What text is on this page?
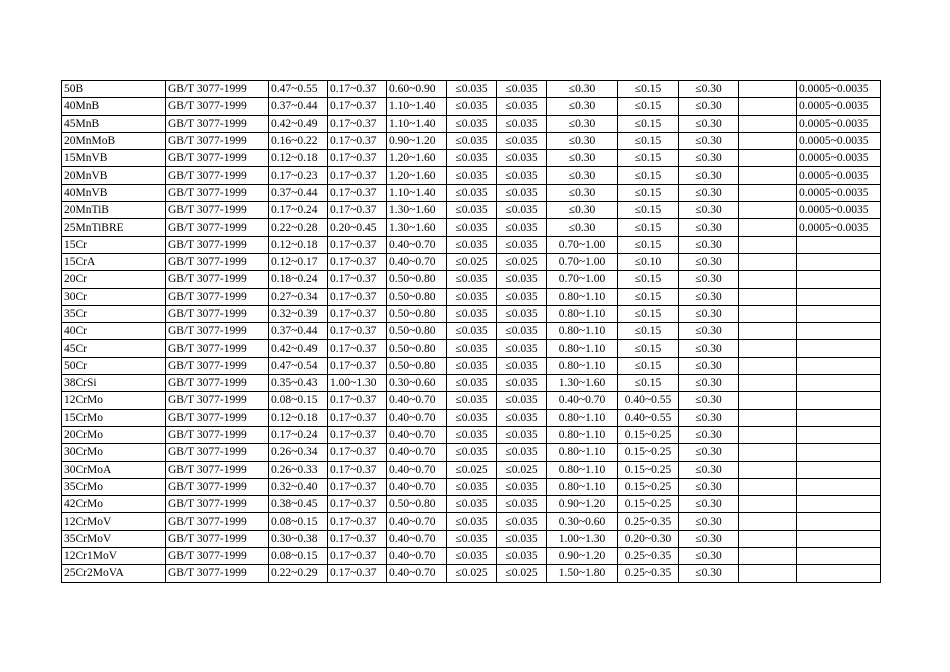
50B	GB/T 3077-1999	0.47~0.55	0.17~0.37	0.60~0.90	≤0.035	≤0.035	≤0.30	≤0.15	≤0.30		0.0005~0.0035
40MnB	GB/T 3077-1999	0.37~0.44	0.17~0.37	1.10~1.40	≤0.035	≤0.035	≤0.30	≤0.15	≤0.30		0.0005~0.0035
45MnB	GB/T 3077-1999	0.42~0.49	0.17~0.37	1.10~1.40	≤0.035	≤0.035	≤0.30	≤0.15	≤0.30		0.0005~0.0035
20MnMoB	GB/T 3077-1999	0.16~0.22	0.17~0.37	0.90~1.20	≤0.035	≤0.035	≤0.30	≤0.15	≤0.30		0.0005~0.0035
15MnVB	GB/T 3077-1999	0.12~0.18	0.17~0.37	1.20~1.60	≤0.035	≤0.035	≤0.30	≤0.15	≤0.30		0.0005~0.0035
20MnVB	GB/T 3077-1999	0.17~0.23	0.17~0.37	1.20~1.60	≤0.035	≤0.035	≤0.30	≤0.15	≤0.30		0.0005~0.0035
40MnVB	GB/T 3077-1999	0.37~0.44	0.17~0.37	1.10~1.40	≤0.035	≤0.035	≤0.30	≤0.15	≤0.30		0.0005~0.0035
20MnTiB	GB/T 3077-1999	0.17~0.24	0.17~0.37	1.30~1.60	≤0.035	≤0.035	≤0.30	≤0.15	≤0.30		0.0005~0.0035
25MnTiBRE	GB/T 3077-1999	0.22~0.28	0.20~0.45	1.30~1.60	≤0.035	≤0.035	≤0.30	≤0.15	≤0.30		0.0005~0.0035
15Cr	GB/T 3077-1999	0.12~0.18	0.17~0.37	0.40~0.70	≤0.035	≤0.035	0.70~1.00	≤0.15	≤0.30		
15CrA	GB/T 3077-1999	0.12~0.17	0.17~0.37	0.40~0.70	≤0.025	≤0.025	0.70~1.00	≤0.10	≤0.30		
20Cr	GB/T 3077-1999	0.18~0.24	0.17~0.37	0.50~0.80	≤0.035	≤0.035	0.70~1.00	≤0.15	≤0.30		
30Cr	GB/T 3077-1999	0.27~0.34	0.17~0.37	0.50~0.80	≤0.035	≤0.035	0.80~1.10	≤0.15	≤0.30		
35Cr	GB/T 3077-1999	0.32~0.39	0.17~0.37	0.50~0.80	≤0.035	≤0.035	0.80~1.10	≤0.15	≤0.30		
40Cr	GB/T 3077-1999	0.37~0.44	0.17~0.37	0.50~0.80	≤0.035	≤0.035	0.80~1.10	≤0.15	≤0.30		
45Cr	GB/T 3077-1999	0.42~0.49	0.17~0.37	0.50~0.80	≤0.035	≤0.035	0.80~1.10	≤0.15	≤0.30		
50Cr	GB/T 3077-1999	0.47~0.54	0.17~0.37	0.50~0.80	≤0.035	≤0.035	0.80~1.10	≤0.15	≤0.30		
38CrSi	GB/T 3077-1999	0.35~0.43	1.00~1.30	0.30~0.60	≤0.035	≤0.035	1.30~1.60	≤0.15	≤0.30		
12CrMo	GB/T 3077-1999	0.08~0.15	0.17~0.37	0.40~0.70	≤0.035	≤0.035	0.40~0.70	0.40~0.55	≤0.30		
15CrMo	GB/T 3077-1999	0.12~0.18	0.17~0.37	0.40~0.70	≤0.035	≤0.035	0.80~1.10	0.40~0.55	≤0.30		
20CrMo	GB/T 3077-1999	0.17~0.24	0.17~0.37	0.40~0.70	≤0.035	≤0.035	0.80~1.10	0.15~0.25	≤0.30		
30CrMo	GB/T 3077-1999	0.26~0.34	0.17~0.37	0.40~0.70	≤0.035	≤0.035	0.80~1.10	0.15~0.25	≤0.30		
30CrMoA	GB/T 3077-1999	0.26~0.33	0.17~0.37	0.40~0.70	≤0.025	≤0.025	0.80~1.10	0.15~0.25	≤0.30		
35CrMo	GB/T 3077-1999	0.32~0.40	0.17~0.37	0.40~0.70	≤0.035	≤0.035	0.80~1.10	0.15~0.25	≤0.30		
42CrMo	GB/T 3077-1999	0.38~0.45	0.17~0.37	0.50~0.80	≤0.035	≤0.035	0.90~1.20	0.15~0.25	≤0.30		
12CrMoV	GB/T 3077-1999	0.08~0.15	0.17~0.37	0.40~0.70	≤0.035	≤0.035	0.30~0.60	0.25~0.35	≤0.30		
35CrMoV	GB/T 3077-1999	0.30~0.38	0.17~0.37	0.40~0.70	≤0.035	≤0.035	1.00~1.30	0.20~0.30	≤0.30		
12Cr1MoV	GB/T 3077-1999	0.08~0.15	0.17~0.37	0.40~0.70	≤0.035	≤0.035	0.90~1.20	0.25~0.35	≤0.30		
25Cr2MoVA	GB/T 3077-1999	0.22~0.29	0.17~0.37	0.40~0.70	≤0.025	≤0.025	1.50~1.80	0.25~0.35	≤0.30		
